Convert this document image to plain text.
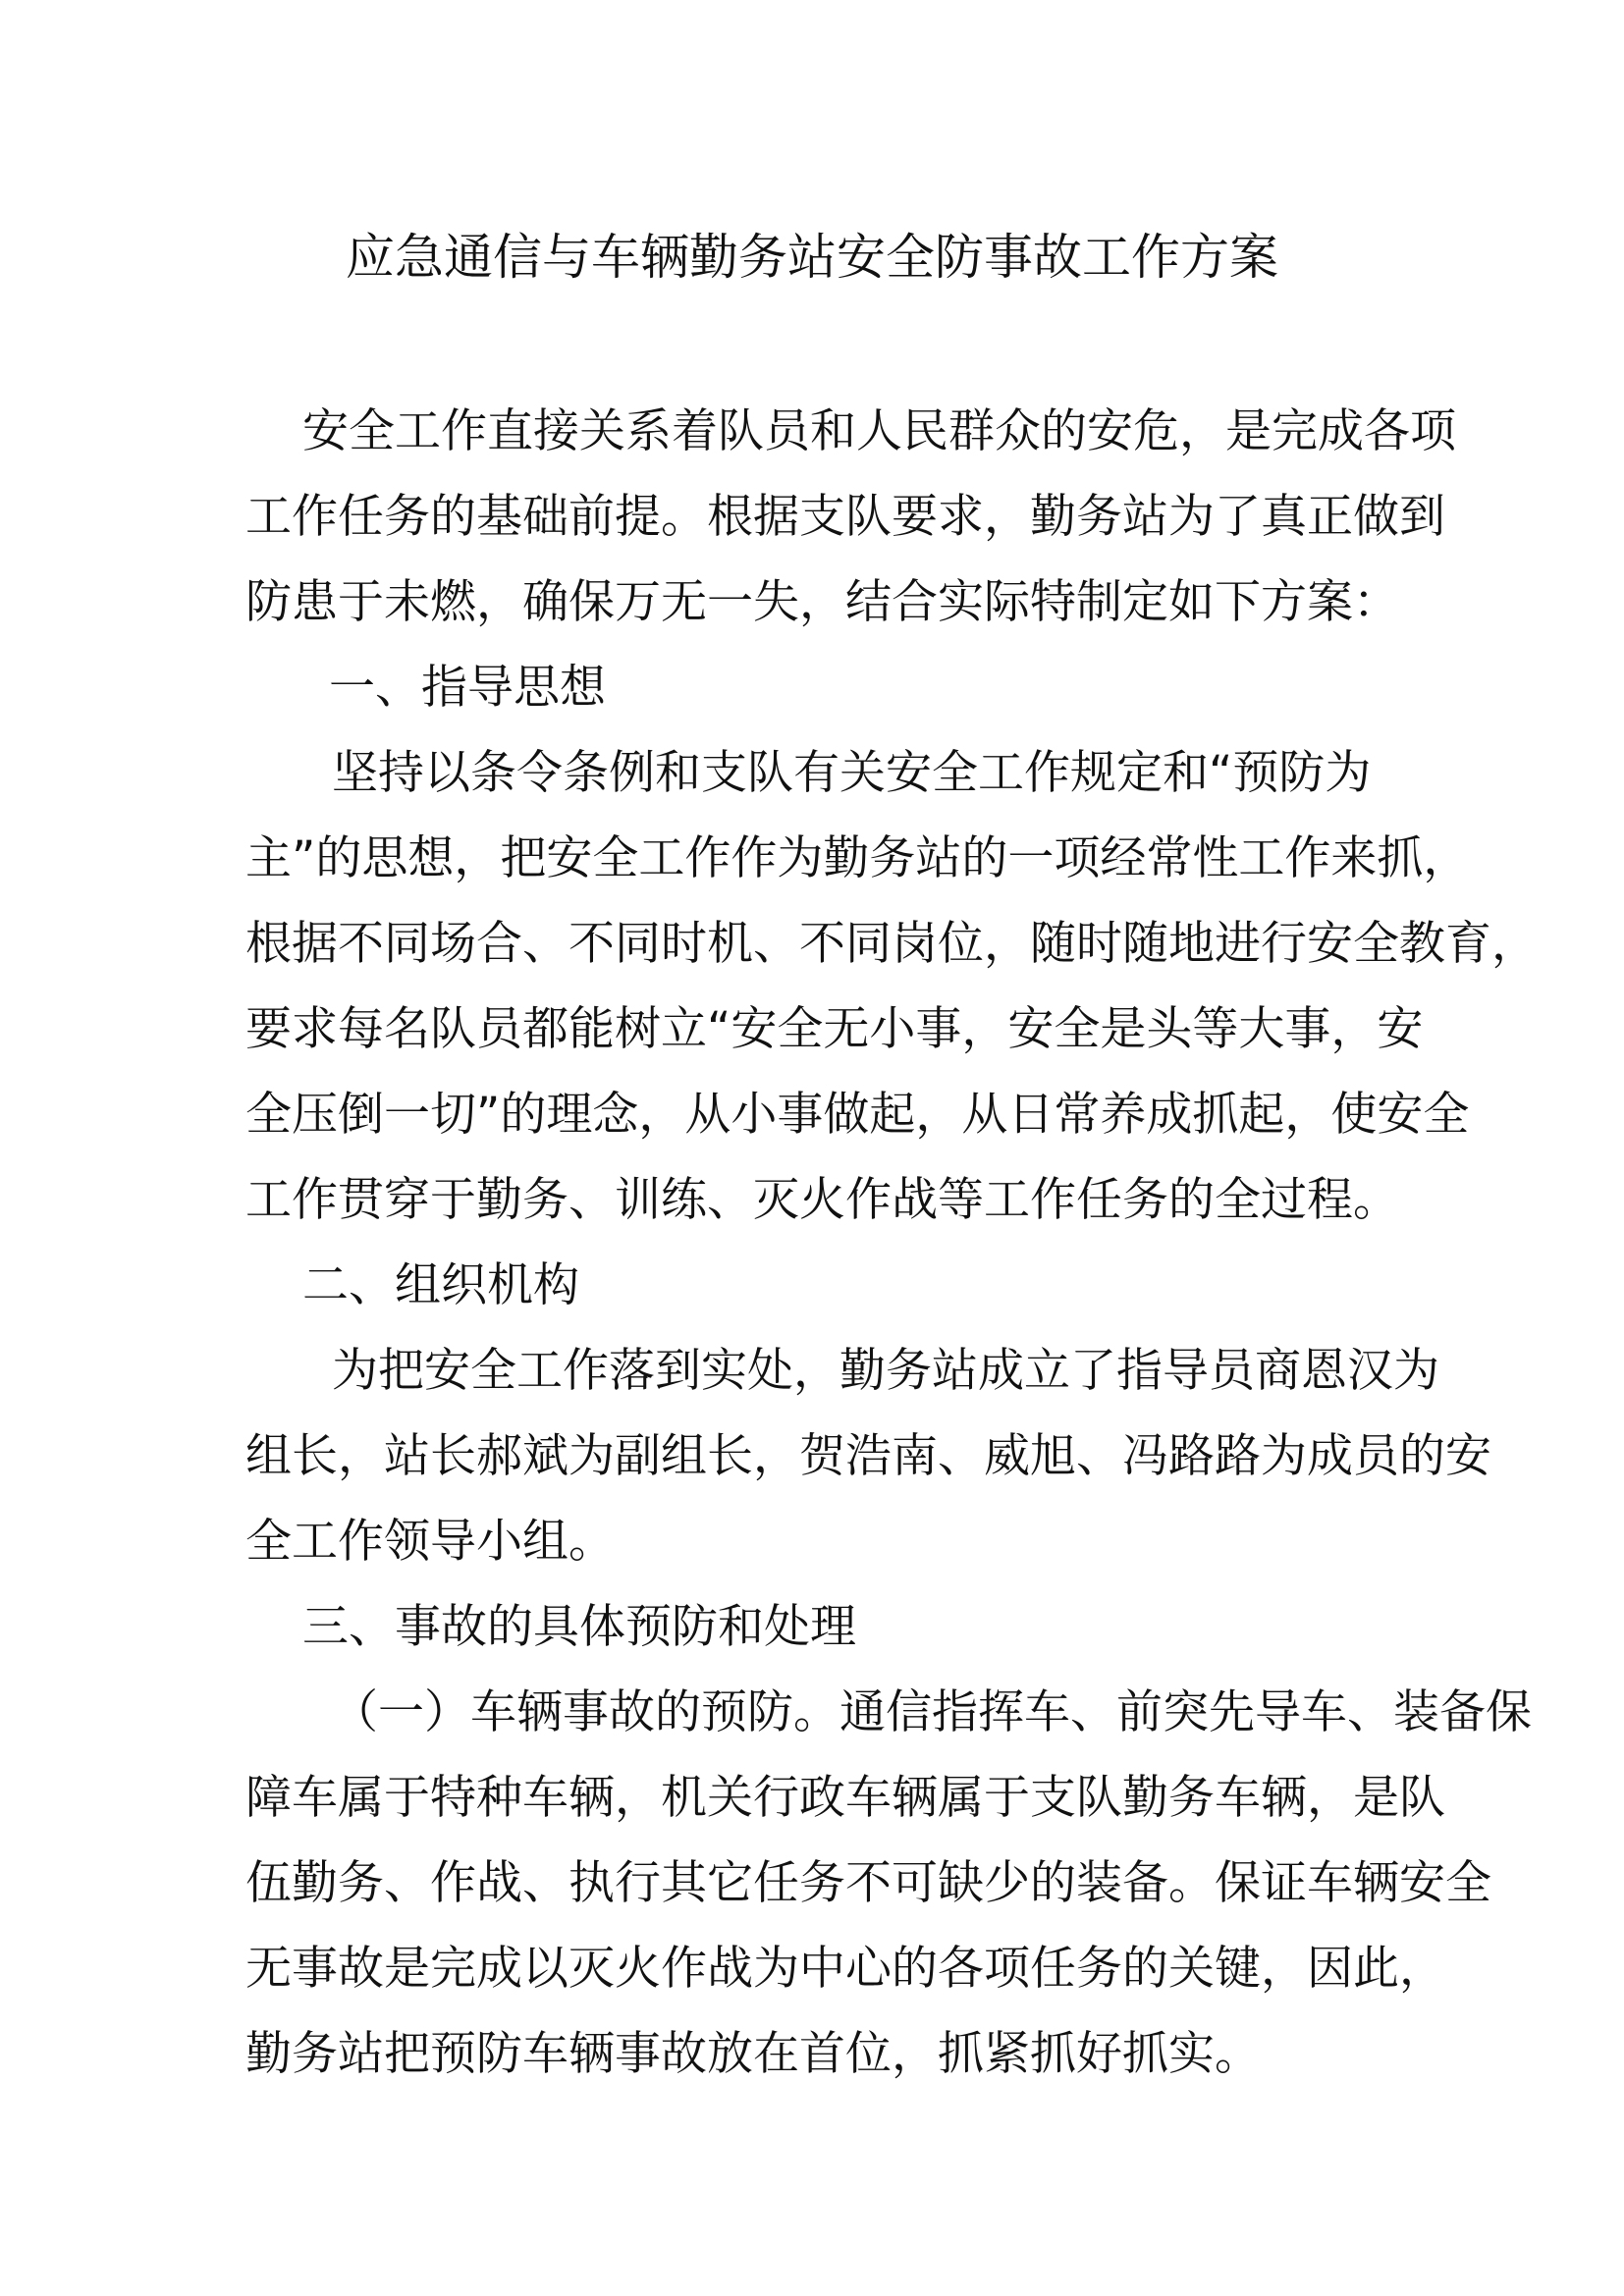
应急通信与车辆勤务站安全防事故工作方案
安全工作直接关系着队员和人民群众的安危，是完成各项
工作任务的基础前提。根据支队要求，勤务站为了真正做到
防患于未燃，确保万无一失，结合实际特制定如下方案：
一、指导思想
坚持以条令条例和支队有关安全工作规定和“预防为
主”的思想，把安全工作作为勤务站的一项经常性工作来抓，
根据不同场合、不同时机、不同岗位，随时随地进行安全教育，
要求每名队员都能树立“安全无小事，安全是头等大事，安
全压倒一切”的理念，从小事做起，从日常养成抓起，使安全
工作贯穿于勤务、训练、灭火作战等工作任务的全过程。
二、组织机构
为把安全工作落到实处，勤务站成立了指导员商恩汉为
组长，站长郝斌为副组长，贺浩南、威旭、冯路路为成员的安
全工作领导小组。
三、事故的具体预防和处理
（一）车辆事故的预防。通信指挥车、前突先导车、装备保
障车属于特种车辆，机关行政车辆属于支队勤务车辆，是队
伍勤务、作战、执行其它任务不可缺少的装备。保证车辆安全
无事故是完成以灭火作战为中心的各项任务的关键，因此，
勤务站把预防车辆事故放在首位，抓紧抓好抓实。
